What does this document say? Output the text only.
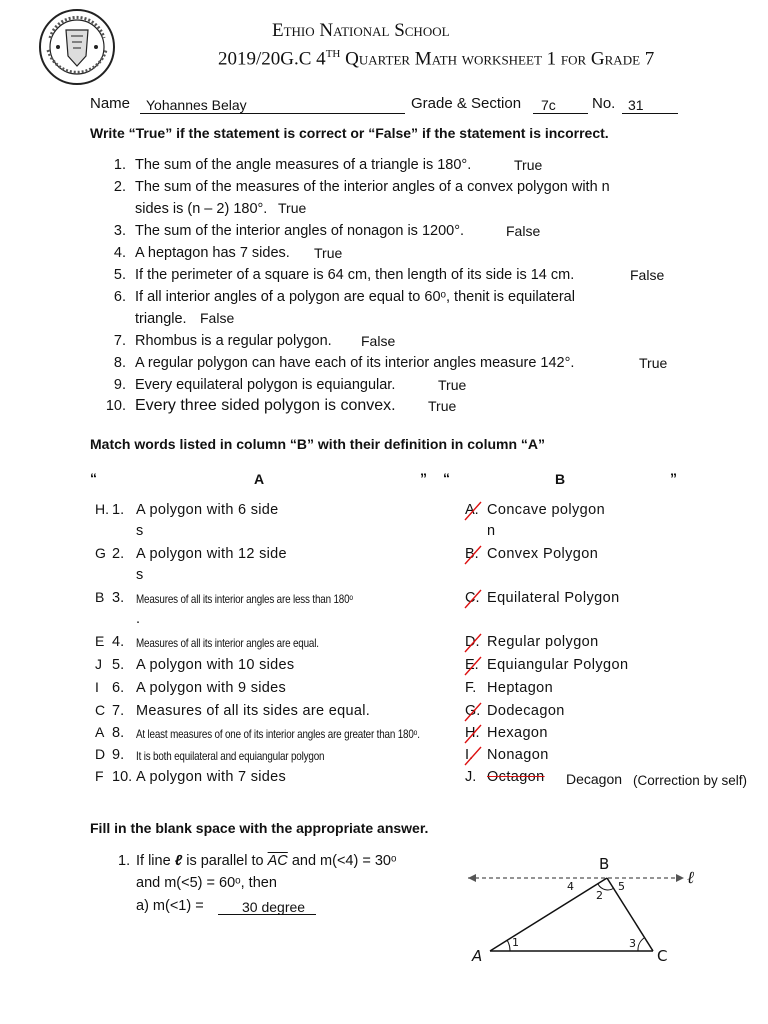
Ethio National School
2019/20G.C 4TH Quarter Math worksheet 1 for Grade 7
Name Yohannes Belay	Grade & Section 7c No. 31
Write “True” if the statement is correct or “False” if the statement is incorrect.
1. The sum of the angle measures of a triangle is 180°.	True
2. The sum of the measures of the interior angles of a convex polygon with n
sides is (n – 2) 180°. True
3. The sum of the interior angles of nonagon is 1200°.	False
4. A heptagon has 7 sides. True
5. If the perimeter of a square is 64 cm, then length of its side is 14 cm.	False
6. If all interior angles of a polygon are equal to 60ᵒ, thenit is equilateral
triangle. False
7. Rhombus is a regular polygon. False
8. A regular polygon can have each of its interior angles measure 142°.	True
9. Every equilateral polygon is equiangular.	True
10. Every three sided polygon is convex. True
Match words listed in column “B” with their definition in column “A”
“	A	” “	B	”
H. 1. A polygon with 6 side
s
G 2. A polygon with 12 side
s
B 3. Measures of all its interior angles are less than 180ᵒ
.
E 4. Measures of all its interior angles are equal.
J 5. A polygon with 10 sides
I 6. A polygon with 9 sides
C 7. Measures of all its sides are equal.
A 8. At least measures of one of its interior angles are greater than 180ᵒ.
D 9. It is both equilateral and equiangular polygon
F 10. A polygon with 7 sides
A. Concave polygon
n
B. Convex Polygon
C. Equilateral Polygon
D. Regular polygon
E. Equiangular Polygon
F. Heptagon
G. Dodecagon
H. Hexagon
I. Nonagon
J. Octagon Decagon (Correction by self)
Fill in the blank space with the appropriate answer.
1. If line ℓ is parallel to $\overline{AC}$ and m(<4) = 30ᵒ
and m(<5) = 60ᵒ, then
a) m(<1) =	30 degree
B
A	C
ℓ
1
2
3
4	5
